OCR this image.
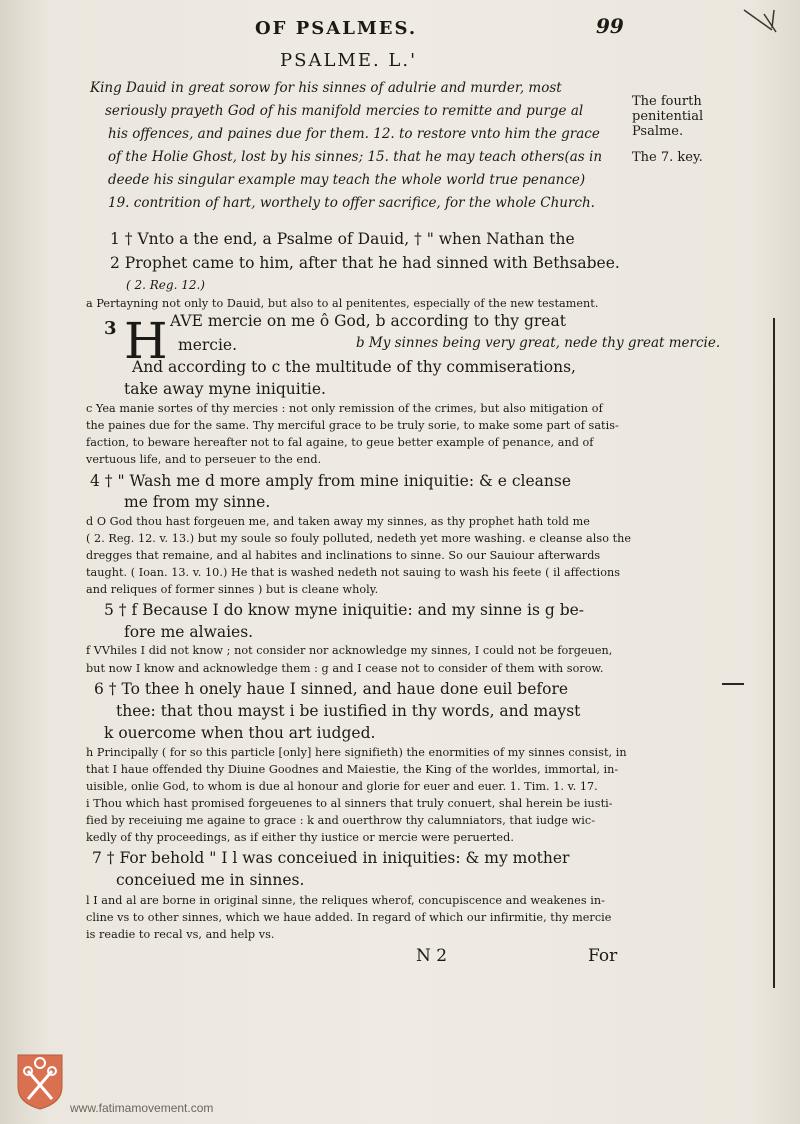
OF PSALMES.	99
PSALME. L.'
King Dauid in great sorow for his sinnes of adulrie and murder, most
seriously prayeth God of his manifold mercies to remitte and purge al
his offences, and paines due for them. 12. to restore vnto him the grace
of the Holie Ghost, lost by his sinnes; 15. that he may teach others(as in
deede his singular example may teach the whole world true penance)
19. contrition of hart, worthely to offer sacrifice, for the whole Church.
The fourth
penitential
Psalme.
The 7. key.
1 † Vnto a the end, a Psalme of Dauid, † " when Nathan the
2 Prophet came to him, after that he had sinned with Bethsabee.
( 2. Reg. 12.)
a Pertayning not only to Dauid, but also to al penitentes, especially of the new testament.
3 H AVE mercie on me ô God, b according to thy great
mercie.	b My sinnes being very great, nede thy great mercie.
And according to c the multitude of thy commiserations,
take away myne iniquitie.
c Yea manie sortes of thy mercies : not only remission of the crimes, but also mitigation of
the paines due for the same. Thy merciful grace to be truly sorie, to make some part of satis-
faction, to beware hereafter not to fal againe, to geue better example of penance, and of
vertuous life, and to perseuer to the end.
4 † " Wash me d more amply from mine iniquitie: & e cleanse
me from my sinne.
d O God thou hast forgeuen me, and taken away my sinnes, as thy prophet hath told me
( 2. Reg. 12. v. 13.) but my soule so fouly polluted, nedeth yet more washing. e cleanse also the
dregges that remaine, and al habites and inclinations to sinne. So our Sauiour afterwards
taught. ( Ioan. 13. v. 10.) He that is washed nedeth not sauing to wash his feete ( il affections
and reliques of former sinnes ) but is cleane wholy.
5 † f Because I do know myne iniquitie: and my sinne is g be-
fore me alwaies.
f VVhiles I did not know ; not consider nor acknowledge my sinnes, I could not be forgeuen,
but now I know and acknowledge them : g and I cease not to consider of them with sorow.
6 † To thee h onely haue I sinned, and haue done euil before
thee: that thou mayst i be iustified in thy words, and mayst
k ouercome when thou art iudged.
h Principally ( for so this particle [only] here signifieth) the enormities of my sinnes consist, in
that I haue offended thy Diuine Goodnes and Maiestie, the King of the worldes, immortal, in-
uisible, onlie God, to whom is due al honour and glorie for euer and euer. 1. Tim. 1. v. 17.
i Thou which hast promised forgeuenes to al sinners that truly conuert, shal herein be iusti-
fied by receiuing me againe to grace : k and ouerthrow thy calumniators, that iudge wic-
kedly of thy proceedings, as if either thy iustice or mercie were peruerted.
7 † For behold " I l was conceiued in iniquities: & my mother
conceiued me in sinnes.
l I and al are borne in original sinne, the reliques wherof, concupiscence and weakenes in-
cline vs to other sinnes, which we haue added. In regard of which our infirmitie, thy mercie
is readie to recal vs, and help vs.
N 2	For
www.fatimamovement.com
